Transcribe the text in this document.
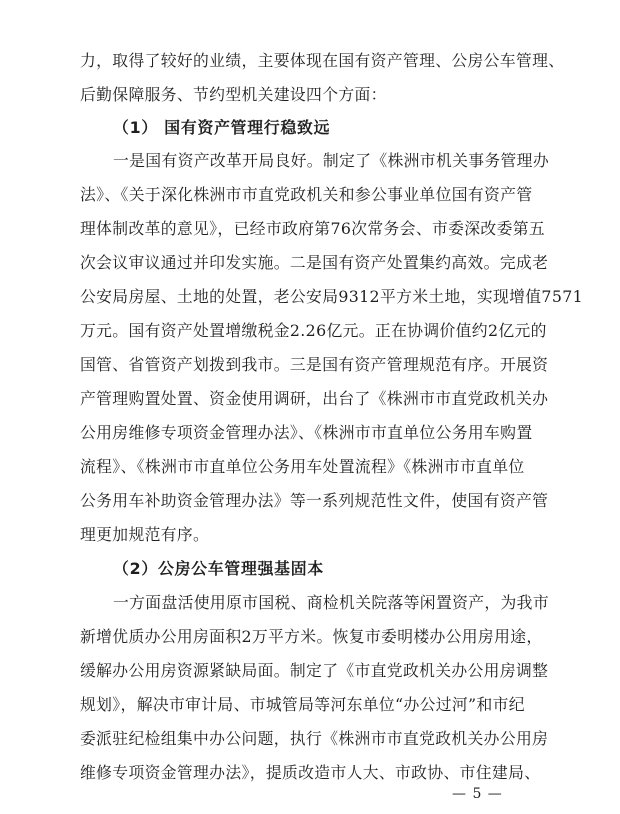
力，取得了较好的业绩，主要体现在国有资产管理、公房公车管理、
后勤保障服务、节约型机关建设四个方面：
（1） 国有资产管理行稳致远
一是国有资产改革开局良好。制定了《株洲市机关事务管理办
法》、《关于深化株洲市市直党政机关和参公事业单位国有资产管
理体制改革的意见》，已经市政府第76次常务会、市委深改委第五
次会议审议通过并印发实施。二是国有资产处置集约高效。完成老
公安局房屋、土地的处置，老公安局9312平方米土地，实现增值7571
万元。国有资产处置增缴税金2.26亿元。正在协调价值约2亿元的
国管、省管资产划拨到我市。三是国有资产管理规范有序。开展资
产管理购置处置、资金使用调研，出台了《株洲市市直党政机关办
公用房维修专项资金管理办法》、《株洲市市直单位公务用车购置
流程》、《株洲市市直单位公务用车处置流程》《株洲市市直单位
公务用车补助资金管理办法》等一系列规范性文件，使国有资产管
理更加规范有序。
（2）公房公车管理强基固本
一方面盘活使用原市国税、商检机关院落等闲置资产，为我市
新增优质办公用房面积2万平方米。恢复市委明楼办公用房用途，
缓解办公用房资源紧缺局面。制定了《市直党政机关办公用房调整
规划》，解决市审计局、市城管局等河东单位“办公过河”和市纪
委派驻纪检组集中办公问题，执行《株洲市市直党政机关办公用房
维修专项资金管理办法》，提质改造市人大、市政协、市住建局、
— 5 —
